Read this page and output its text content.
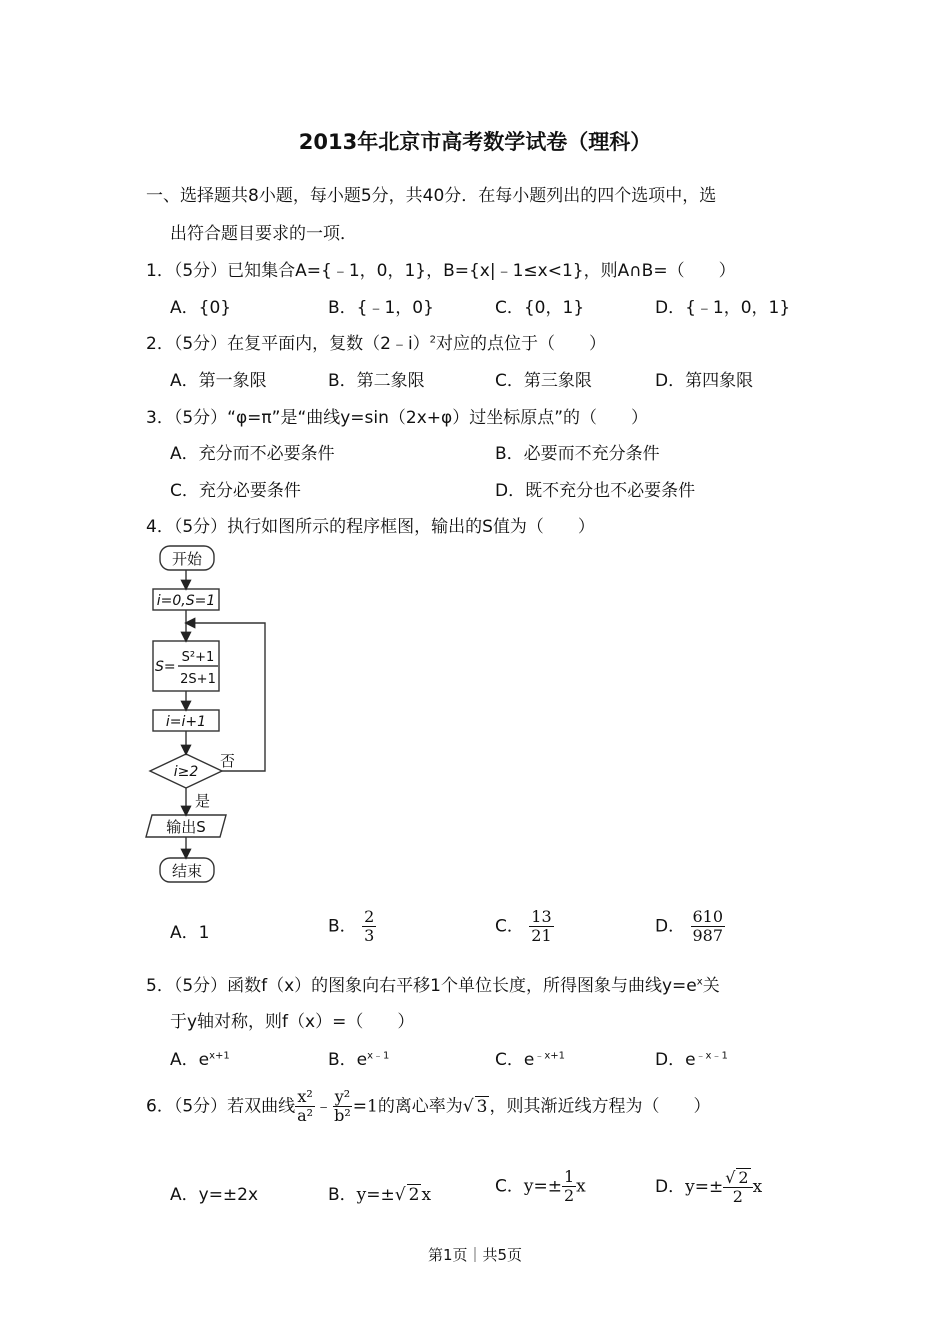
2013年北京市高考数学试卷（理科）
一、选择题共8小题，每小题5分，共40分．在每小题列出的四个选项中，选
出符合题目要求的一项．
1．（5分）已知集合A={﹣1，0，1}，B={x|﹣1≤x<1}，则A∩B=（　　）
A．{0}	B．{﹣1，0}	C．{0，1}	D．{﹣1，0，1}
2．（5分）在复平面内，复数（2﹣i）$^2$对应的点位于（　　）
A．第一象限	B．第二象限	C．第三象限	D．第四象限
3．（5分）“φ=π”是“曲线y=sin（2x+φ）过坐标原点”的（　　）
A．充分而不必要条件	B．必要而不充分条件
C．充分必要条件	D．既不充分也不必要条件
4．（5分）执行如图所示的程序框图，输出的S值为（　　）
开始
i=0,S=1
S=
S²+1
2S+1
i=i+1
i≥2
否
是
输出S
结束
A．1	B． $\frac{2}{3}$	C． $\frac{13}{21}$	D． $\frac{610}{987}$
5．（5分）函数f（x）的图象向右平移1个单位长度，所得图象与曲线$y=e^x$关
于y轴对称，则f（x）=（　　）
A．$e^{x+1}$	B．$e^{x﹣1}$	C．$e^{﹣x+1}$	D．$e^{﹣x﹣1}$
6．（5分）若双曲线 $\frac{\text{x²}}{\text{a²}}$ ﹣ $\frac{\text{y²}}{\text{b²}} =1$的离心率为√ 3 ，则其渐近线方程为（　　）
A．y=±2x	B．y=±√ 2 x	C．$y=\pm \frac{1}{2}$ x	D．$y=\pm \frac{√ 2}{2}$ x
第1页｜共5页
